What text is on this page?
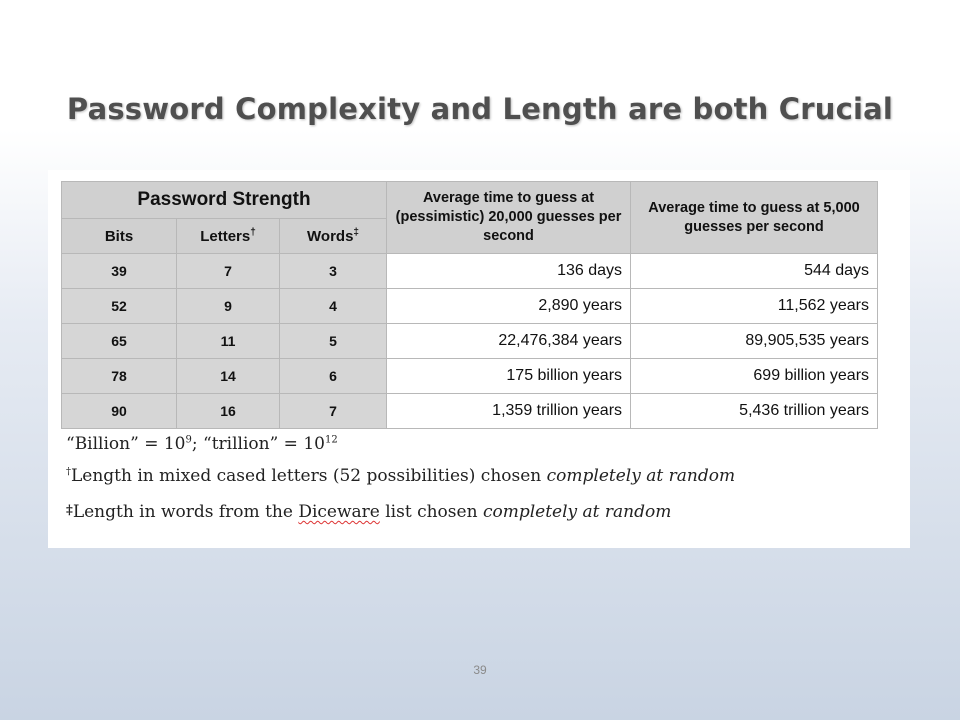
Password Complexity and Length are both Crucial
Password Strength			Average time to guess at (pessimistic) 20,000 guesses per second	Average time to guess at 5,000 guesses per second
Bits	Letters†	Words‡
39	7	3	136 days	544 days
52	9	4	2,890 years	11,562 years
65	11	5	22,476,384 years	89,905,535 years
78	14	6	175 billion years	699 billion years
90	16	7	1,359 trillion years	5,436 trillion years
“Billion” = $10^9$; “trillion” = $10^{12}$
†Length in mixed cased letters (52 possibilities) chosen completely at random
‡Length in words from the Diceware list chosen completely at random
39
